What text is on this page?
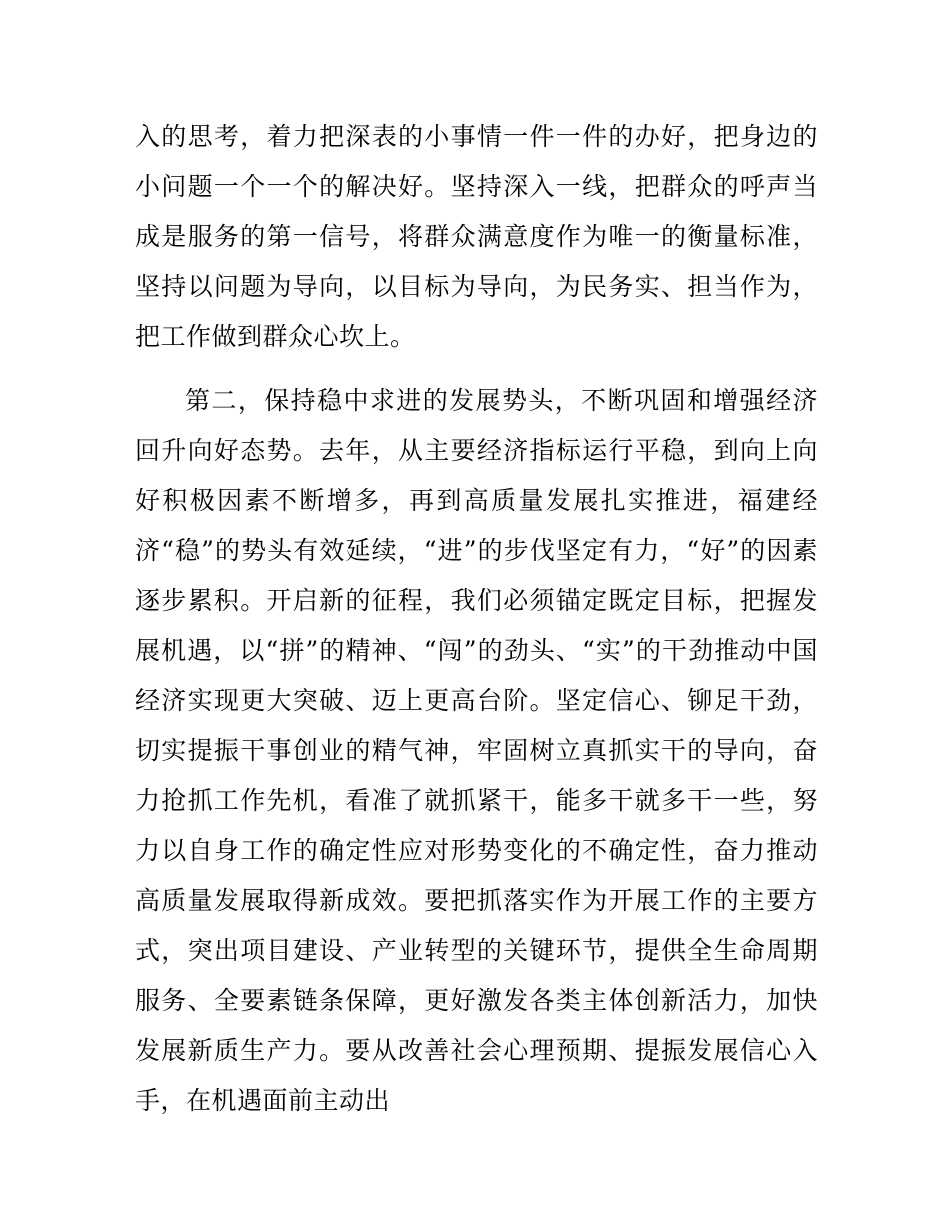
入的思考，着力把深表的小事情一件一件的办好，把身边的小问题一个一个的解决好。坚持深入一线，把群众的呼声当成是服务的第一信号，将群众满意度作为唯一的衡量标准，坚持以问题为导向，以目标为导向，为民务实、担当作为，把工作做到群众心坎上。

第二，保持稳中求进的发展势头，不断巩固和增强经济回升向好态势。去年，从主要经济指标运行平稳，到向上向好积极因素不断增多，再到高质量发展扎实推进，福建经济“稳”的势头有效延续，“进”的步伐坚定有力，“好”的因素逐步累积。开启新的征程，我们必须锚定既定目标，把握发展机遇，以“拼”的精神、“闯”的劲头、“实”的干劲推动中国经济实现更大突破、迈上更高台阶。坚定信心、铆足干劲，切实提振干事创业的精气神，牢固树立真抓实干的导向，奋力抢抓工作先机，看准了就抓紧干，能多干就多干一些，努力以自身工作的确定性应对形势变化的不确定性，奋力推动高质量发展取得新成效。要把抓落实作为开展工作的主要方式，突出项目建设、产业转型的关键环节，提供全生命周期服务、全要素链条保障，更好激发各类主体创新活力，加快发展新质生产力。要从改善社会心理预期、提振发展信心入手，在机遇面前主动出
